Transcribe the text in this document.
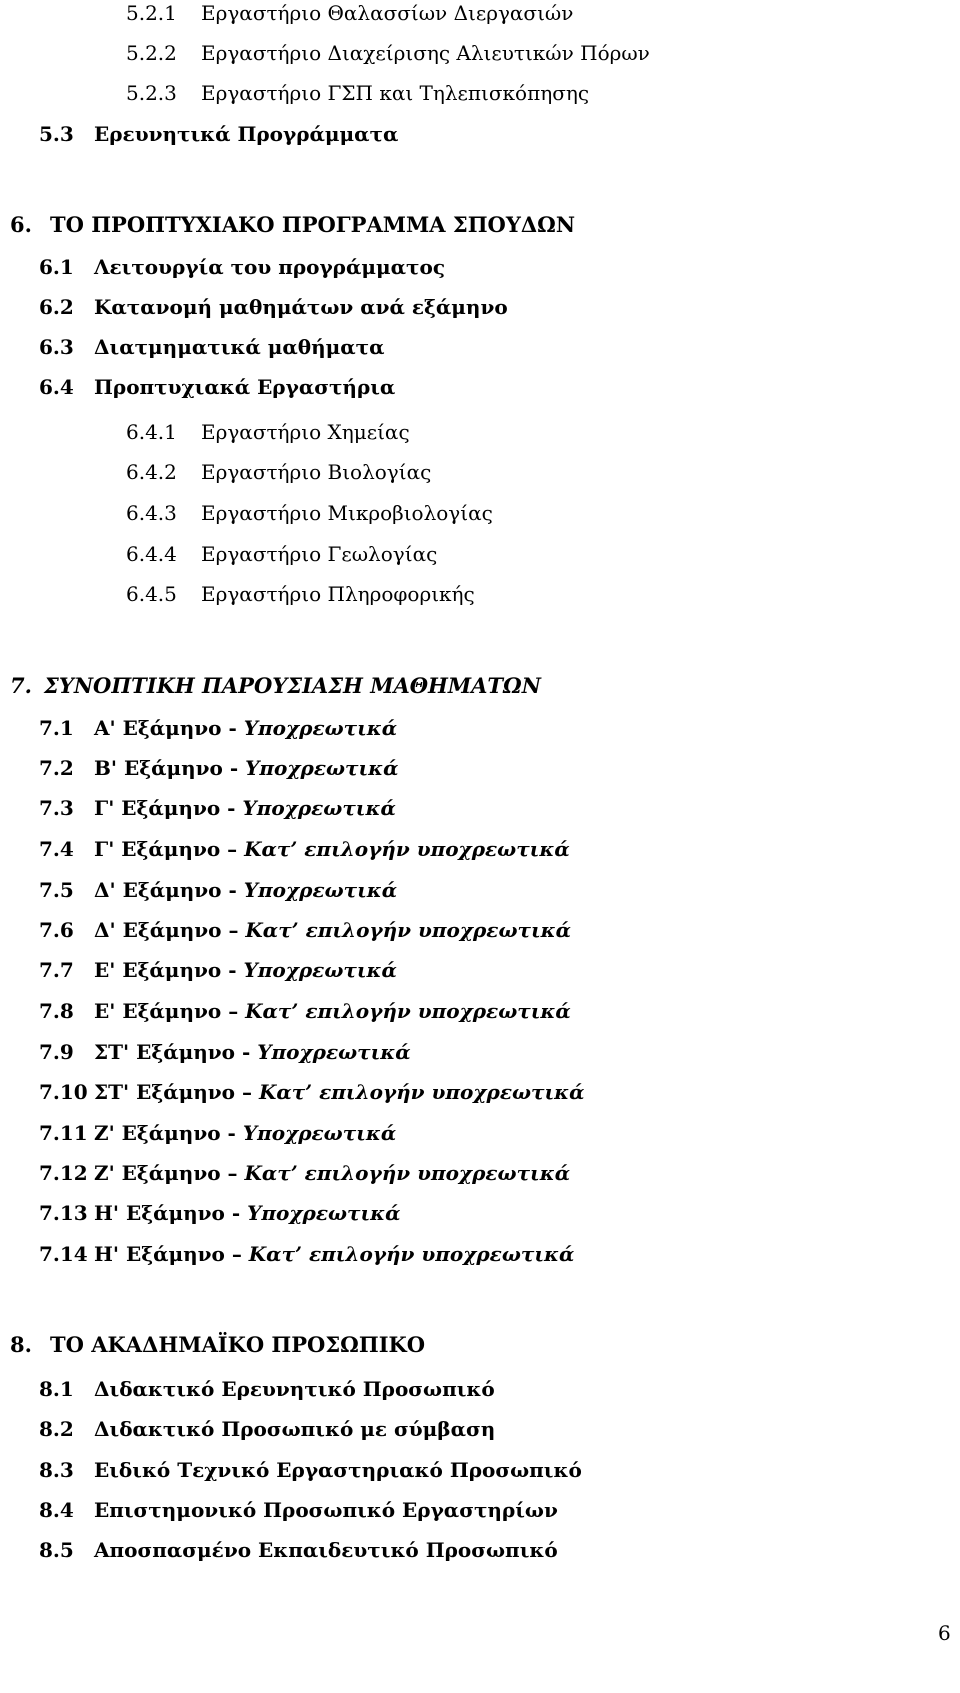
5.2.1 Εργαστήριο Θαλασσίων Διεργασιών
5.2.2 Εργαστήριο Διαχείρισης Αλιευτικών Πόρων
5.2.3 Εργαστήριο ΓΣΠ και Τηλεπισκόπησης
5.3 Ερευνητικά Προγράμματα
6. ΤΟ ΠΡΟΠΤΥΧΙΑΚΟ ΠΡΟΓΡΑΜΜΑ ΣΠΟΥΔΩΝ
6.1 Λειτουργία του προγράμματος
6.2 Κατανομή μαθημάτων ανά εξάμηνο
6.3 Διατμηματικά μαθήματα
6.4 Προπτυχιακά Εργαστήρια
6.4.1 Εργαστήριο Χημείας
6.4.2 Εργαστήριο Βιολογίας
6.4.3 Εργαστήριο Μικροβιολογίας
6.4.4 Εργαστήριο Γεωλογίας
6.4.5 Εργαστήριο Πληροφορικής
7. ΣΥΝΟΠΤΙΚΗ ΠΑΡΟΥΣΙΑΣΗ ΜΑΘΗΜΑΤΩΝ
7.1 Α' Εξάμηνο - Υποχρεωτικά
7.2 Β' Εξάμηνο - Υποχρεωτικά
7.3 Γ' Εξάμηνο - Υποχρεωτικά
7.4 Γ' Εξάμηνο – Κατ’ επιλογήν υποχρεωτικά
7.5 Δ' Εξάμηνο - Υποχρεωτικά
7.6 Δ' Εξάμηνο – Κατ’ επιλογήν υποχρεωτικά
7.7 Ε' Εξάμηνο - Υποχρεωτικά
7.8 Ε' Εξάμηνο – Κατ’ επιλογήν υποχρεωτικά
7.9 ΣΤ' Εξάμηνο - Υποχρεωτικά
7.10 ΣΤ' Εξάμηνο – Κατ’ επιλογήν υποχρεωτικά
7.11 Ζ' Εξάμηνο - Υποχρεωτικά
7.12 Ζ' Εξάμηνο – Κατ’ επιλογήν υποχρεωτικά
7.13 Η' Εξάμηνο - Υποχρεωτικά
7.14 Η' Εξάμηνο – Κατ’ επιλογήν υποχρεωτικά
8. ΤΟ ΑΚΑΔΗΜΑΪΚΟ ΠΡΟΣΩΠΙΚΟ
8.1 Διδακτικό Ερευνητικό Προσωπικό
8.2 Διδακτικό Προσωπικό με σύμβαση
8.3 Ειδικό Τεχνικό Εργαστηριακό Προσωπικό
8.4 Επιστημονικό Προσωπικό Εργαστηρίων
8.5 Αποσπασμένο Εκπαιδευτικό Προσωπικό
6
